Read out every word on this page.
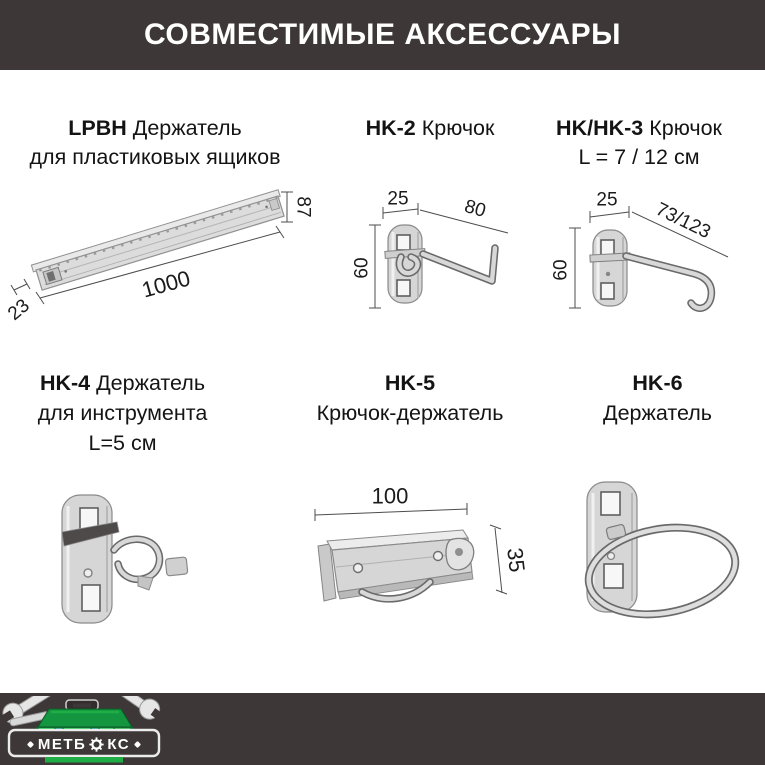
СОВМЕСТИМЫЕ АКСЕССУАРЫ
LPBH Держатель
для пластиковых ящиков
HK-2 Крючок	HK/HK-3 Крючок
L = 7 / 12 см
HK-4 Держатель
для инструмента
L=5 см
HK-5
Крючок-держатель
HK-6
Держатель
87
1000
23
25	80
60
25 73/123
60
100
35
МЕТБ КС
